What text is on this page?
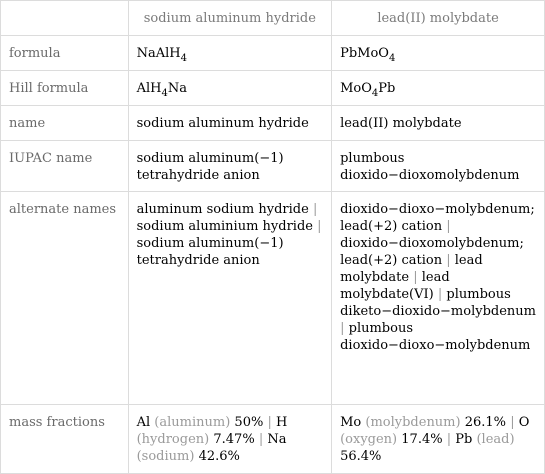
	sodium aluminum hydride	lead(II) molybdate
formula	NaAlH$_4$	PbMoO$_4$
Hill formula	AlH$_4$Na	MoO$_4$Pb
name	sodium aluminum hydride	lead(II) molybdate
IUPAC name	sodium aluminum(−1) tetrahydride anion	plumbous dioxido−dioxomolybdenum
alternate names	aluminum sodium hydride | sodium aluminium hydride | sodium aluminum(−1) tetrahydride anion	dioxido−dioxo−molybdenum; lead(+2) cation | dioxido−dioxomolybdenum; lead(+2) cation | lead molybdate | lead molybdate(VI) | plumbous diketo−dioxido−molybdenum | plumbous dioxido−dioxo−molybdenum
mass fractions	Al (aluminum) 50% | H (hydrogen) 7.47% | Na (sodium) 42.6%	Mo (molybdenum) 26.1% | O (oxygen) 17.4% | Pb (lead) 56.4%
